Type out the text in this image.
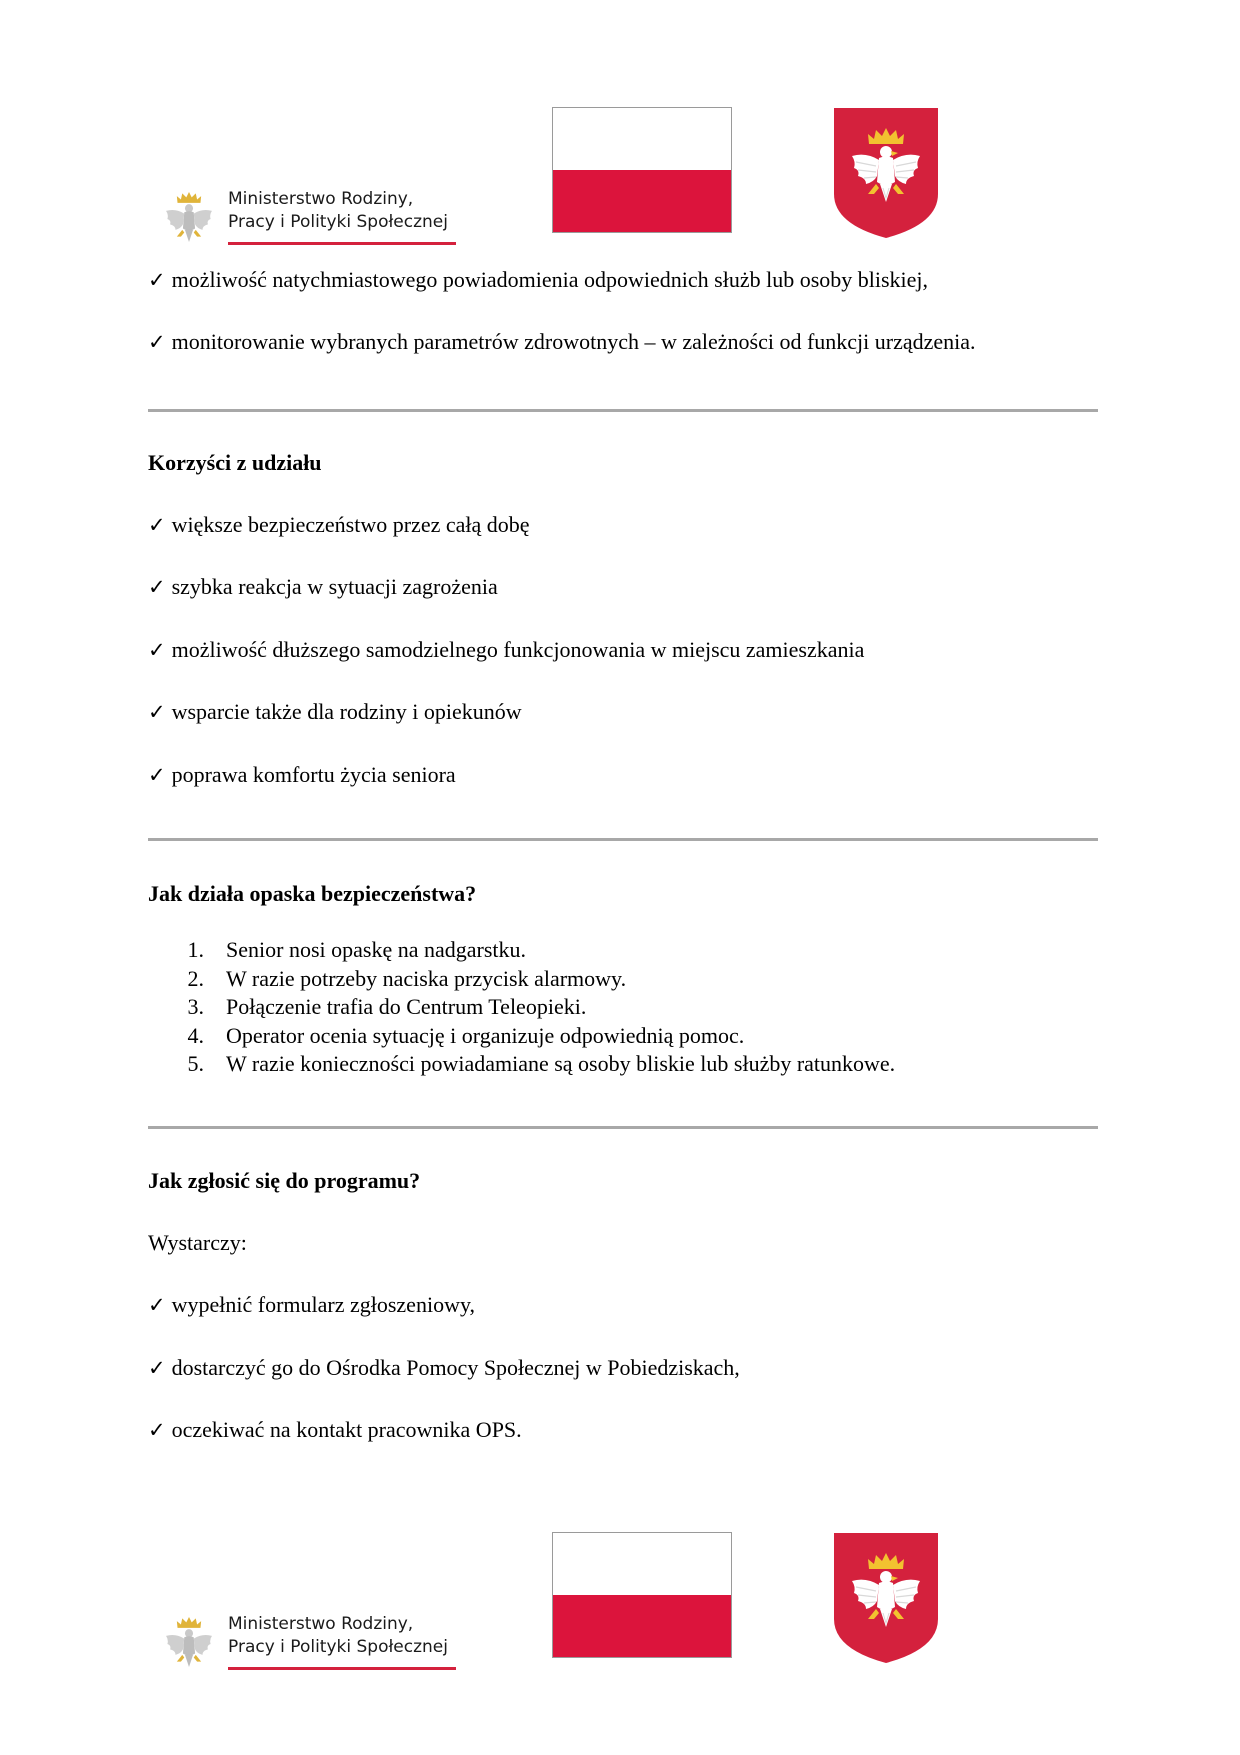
Ministerstwo Rodziny,
Pracy i Polityki Społecznej
✓ możliwość natychmiastowego powiadomienia odpowiednich służb lub osoby bliskiej,
✓ monitorowanie wybranych parametrów zdrowotnych – w zależności od funkcji urządzenia.
Korzyści z udziału
✓ większe bezpieczeństwo przez całą dobę
✓ szybka reakcja w sytuacji zagrożenia
✓ możliwość dłuższego samodzielnego funkcjonowania w miejscu zamieszkania
✓ wsparcie także dla rodziny i opiekunów
✓ poprawa komfortu życia seniora
Jak działa opaska bezpieczeństwa?
1. Senior nosi opaskę na nadgarstku.
2. W razie potrzeby naciska przycisk alarmowy.
3. Połączenie trafia do Centrum Teleopieki.
4. Operator ocenia sytuację i organizuje odpowiednią pomoc.
5. W razie konieczności powiadamiane są osoby bliskie lub służby ratunkowe.
Jak zgłosić się do programu?
Wystarczy:
✓ wypełnić formularz zgłoszeniowy,
✓ dostarczyć go do Ośrodka Pomocy Społecznej w Pobiedziskach,
✓ oczekiwać na kontakt pracownika OPS.
Ministerstwo Rodziny,
Pracy i Polityki Społecznej
